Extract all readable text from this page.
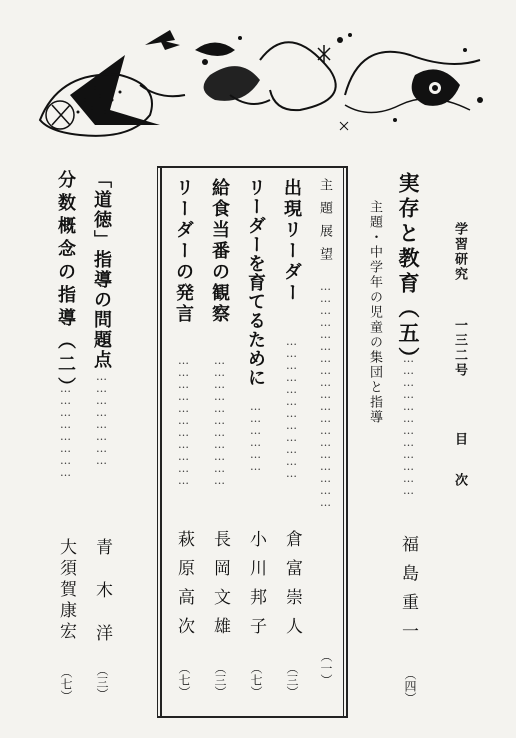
学習研究
一三二号
目次
実存と教育（五）
………………………………
福島重一
（四）
主題・中学年の児童の集団と指導
主題展望
…………………………………………………
（一）
出現リーダー
………………………………
倉富崇人
（三）
リーダーを育てるために
………………
小川邦子
（七）
給食当番の観察
……………………………
長岡文雄
（三）
リーダーの発言
……………………………
萩原高次
（七）
「道徳」指導の問題点
……………………
青木洋
（三）
分数概念の指導（二）
……………………
大須賀康宏
（七）
